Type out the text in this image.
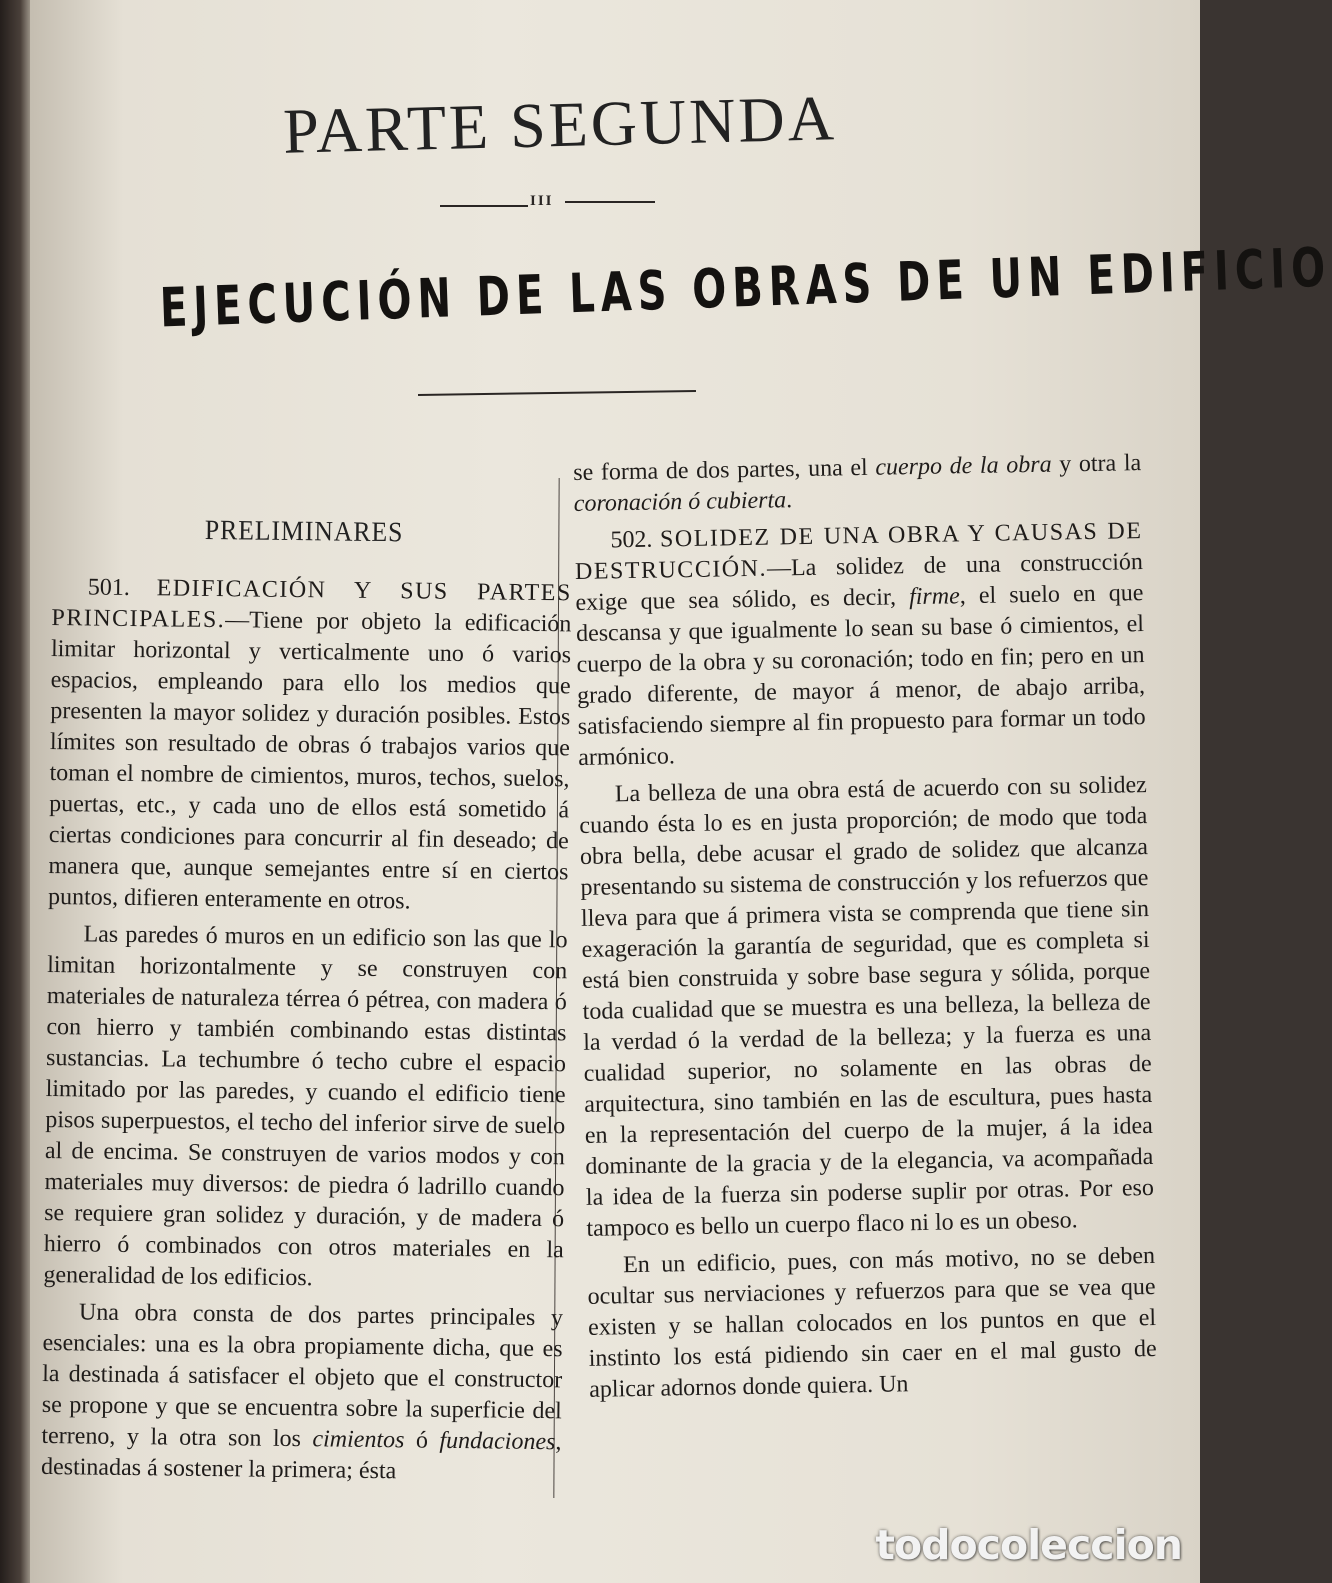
PARTE SEGUNDA
III
EJECUCIÓN DE LAS OBRAS DE UN EDIFICIO
PRELIMINARES

501. EDIFICACIÓN Y SUS PARTES PRINCIPALES.—Tiene por objeto la edificación limitar horizontal y verticalmente uno ó varios espacios, empleando para ello los medios que presenten la mayor solidez y duración posibles. Estos límites son resultado de obras ó trabajos varios que toman el nombre de cimientos, muros, techos, suelos, puertas, etc., y cada uno de ellos está sometido á ciertas condiciones para concurrir al fin deseado; de manera que, aunque semejantes entre sí en ciertos puntos, difieren enteramente en otros.

Las paredes ó muros en un edificio son las que lo limitan horizontalmente y se construyen con materiales de naturaleza térrea ó pétrea, con madera ó con hierro y también combinando estas distintas sustancias. La techumbre ó techo cubre el espacio limitado por las paredes, y cuando el edificio tiene pisos superpuestos, el techo del inferior sirve de suelo al de encima. Se construyen de varios modos y con materiales muy diversos: de piedra ó ladrillo cuando se requiere gran solidez y duración, y de madera ó hierro ó combinados con otros materiales en la generalidad de los edificios.

Una obra consta de dos partes principales y esenciales: una es la obra propiamente dicha, que es la destinada á satisfacer el objeto que el constructor se propone y que se encuentra sobre la superficie del terreno, y la otra son los cimientos ó fundaciones, destinadas á sostener la primera; ésta

se forma de dos partes, una el cuerpo de la obra y otra la coronación ó cubierta.

502. SOLIDEZ DE UNA OBRA Y CAUSAS DE DESTRUCCIÓN.—La solidez de una construcción exige que sea sólido, es decir, firme, el suelo en que descansa y que igualmente lo sean su base ó cimientos, el cuerpo de la obra y su coronación; todo en fin; pero en un grado diferente, de mayor á menor, de abajo arriba, satisfaciendo siempre al fin propuesto para formar un todo armónico.

La belleza de una obra está de acuerdo con su solidez cuando ésta lo es en justa proporción; de modo que toda obra bella, debe acusar el grado de solidez que alcanza presentando su sistema de construcción y los refuerzos que lleva para que á primera vista se comprenda que tiene sin exageración la garantía de seguridad, que es completa si está bien construida y sobre base segura y sólida, porque toda cualidad que se muestra es una belleza, la belleza de la verdad ó la verdad de la belleza; y la fuerza es una cualidad superior, no solamente en las obras de arquitectura, sino también en las de escultura, pues hasta en la representación del cuerpo de la mujer, á la idea dominante de la gracia y de la elegancia, va acompañada la idea de la fuerza sin poderse suplir por otras. Por eso tampoco es bello un cuerpo flaco ni lo es un obeso.

En un edificio, pues, con más motivo, no se deben ocultar sus nerviaciones y refuerzos para que se vea que existen y se hallan colocados en los puntos en que el instinto los está pidiendo sin caer en el mal gusto de aplicar adornos donde quiera. Un

todocoleccion
